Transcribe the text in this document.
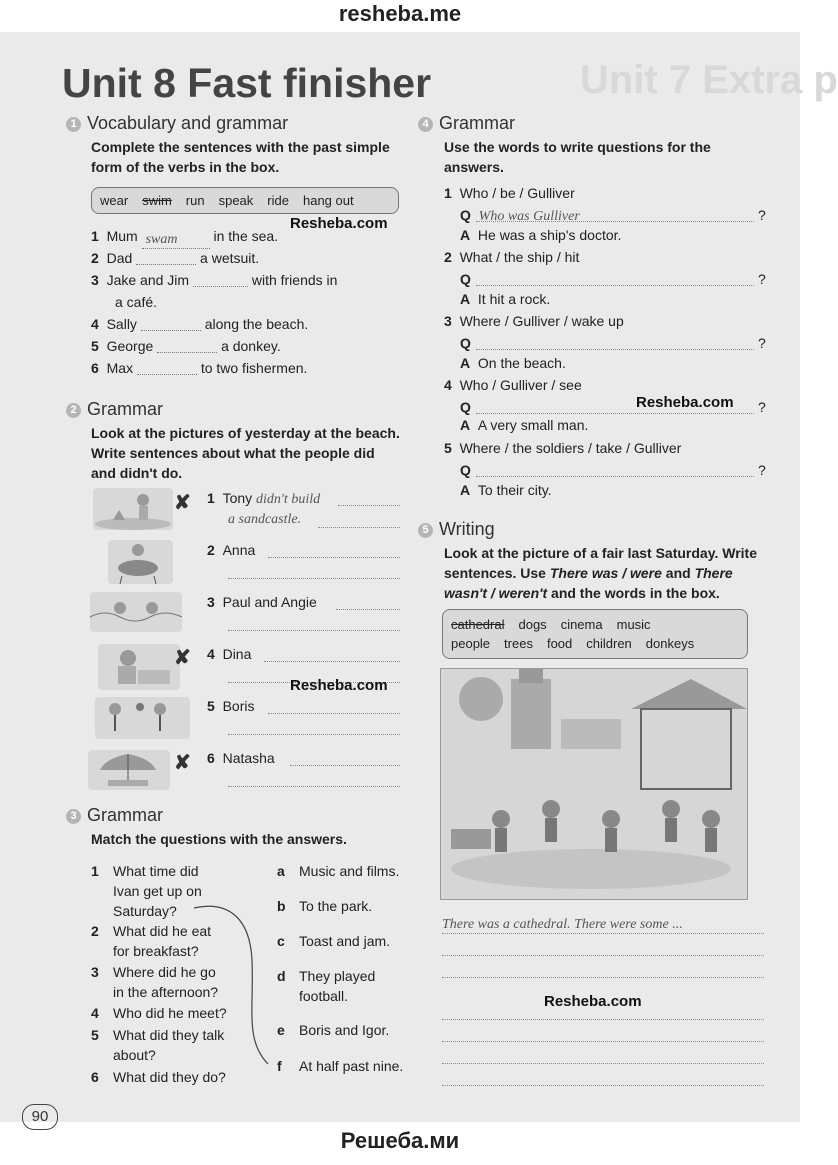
resheba.me
Unit 7 Extra p
Unit 8 Fast finisher
1 Vocabulary and grammar
Complete the sentences with the past simple form of the verbs in the box.
wear swim run speak ride hang out
Resheba.com
1 Mum swam	in the sea.
2 Dad	a wetsuit.
3 Jake and Jim	with friends in
a café.
4 Sally	along the beach.
5 George	a donkey.
6 Max	to two fishermen.
2 Grammar
Look at the pictures of yesterday at the beach. Write sentences about what the people did and didn't do.
✘
✘
✘
1 Tony didn't build
a sandcastle.
2 Anna
3 Paul and Angie
4 Dina
Resheba.com
5 Boris
6 Natasha
3 Grammar
Match the questions with the answers.
1 What time did
Ivan get up on
Saturday?
2 What did he eat
for breakfast?
3 Where did he go
in the afternoon?
4 Who did he meet?
5 What did they talk
about?
6 What did they do?
a Music and films.
b To the park.
c Toast and jam.
d They played
football.
e Boris and Igor.
f At half past nine.
4 Grammar
Use the words to write questions for the answers.
1 Who / be / Gulliver
Q Who was Gulliver	?
A He was a ship's doctor.
2 What / the ship / hit
Q	?
A It hit a rock.
3 Where / Gulliver / wake up
Q	?
A On the beach.
4 Who / Gulliver / see
Q	Resheba.com ?
A A very small man.
5 Where / the soldiers / take / Gulliver
Q	?
A To their city.
5 Writing
Look at the picture of a fair last Saturday. Write sentences. Use There was / were and There wasn't / weren't and the words in the box.
cathedral dogs cinema music
people trees food children donkeys
There was a cathedral. There were some ...
Resheba.com
90
Решеба.ми
